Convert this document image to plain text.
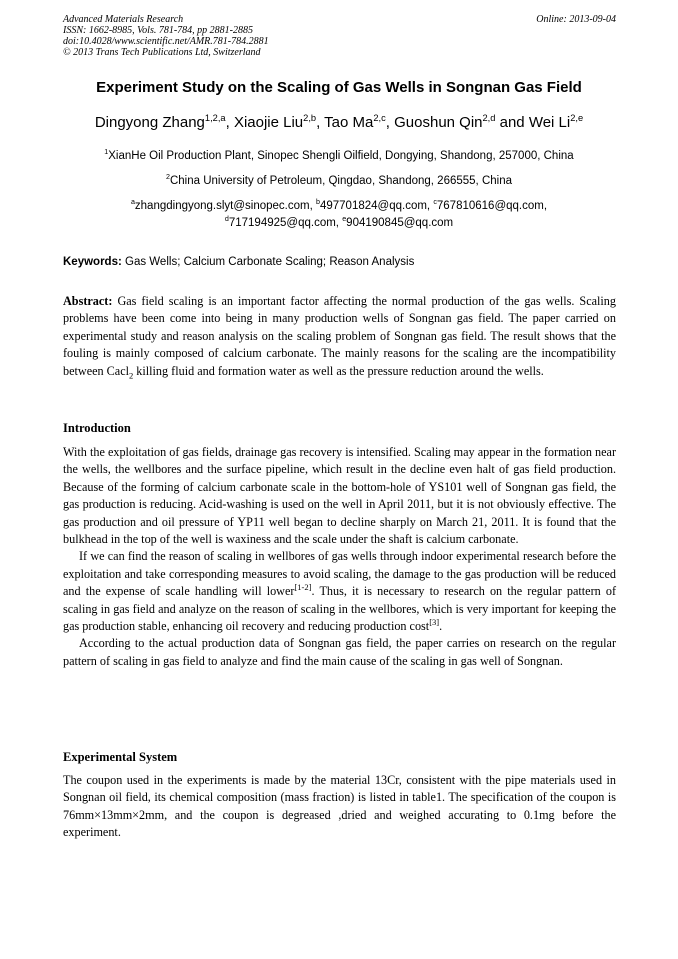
Advanced Materials Research
ISSN: 1662-8985, Vols. 781-784, pp 2881-2885
doi:10.4028/www.scientific.net/AMR.781-784.2881
© 2013 Trans Tech Publications Ltd, Switzerland
Online: 2013-09-04
Experiment Study on the Scaling of Gas Wells in Songnan Gas Field
Dingyong Zhang$^{1,2,a}$, Xiaojie Liu$^{2,b}$, Tao Ma$^{2,c}$, Guoshun Qin$^{2,d}$ and Wei Li$^{2,e}$
$^1$XianHe Oil Production Plant, Sinopec Shengli Oilfield, Dongying, Shandong, 257000, China
$^2$China University of Petroleum, Qingdao, Shandong, 266555, China
$^a$zhangdingyong.slyt@sinopec.com, $^b$497701824@qq.com, $^c$767810616@qq.com,
$^d$717194925@qq.com, $^e$904190845@qq.com
Keywords: Gas Wells; Calcium Carbonate Scaling; Reason Analysis

Abstract: Gas field scaling is an important factor affecting the normal production of the gas wells. Scaling problems have been come into being in many production wells of Songnan gas field. The paper carried on experimental study and reason analysis on the scaling problem of Songnan gas field. The result shows that the fouling is mainly composed of calcium carbonate. The mainly reasons for the scaling are the incompatibility between Cacl$_2$ killing fluid and formation water as well as the pressure reduction around the wells.

Introduction

With the exploitation of gas fields, drainage gas recovery is intensified. Scaling may appear in the formation near the wells, the wellbores and the surface pipeline, which result in the decline even halt of gas field production. Because of the forming of calcium carbonate scale in the bottom-hole of YS101 well of Songnan gas field, the gas production is reducing. Acid-washing is used on the well in April 2011, but it is not obviously effective. The gas production and oil pressure of YP11 well began to decline sharply on March 21, 2011. It is found that the bulkhead in the top of the well is waxiness and the scale under the shaft is calcium carbonate.

If we can find the reason of scaling in wellbores of gas wells through indoor experimental research before the exploitation and take corresponding measures to avoid scaling, the damage to the gas production will be reduced and the expense of scale handling will lower[1-2]. Thus, it is necessary to research on the regular pattern of scaling in gas field and analyze on the reason of scaling in the wellbores, which is very important for keeping the gas production stable, enhancing oil recovery and reducing production cost[3].

According to the actual production data of Songnan gas field, the paper carries on research on the regular pattern of scaling in gas field to analyze and find the main cause of the scaling in gas well of Songnan.

Experimental System

The coupon used in the experiments is made by the material 13Cr, consistent with the pipe materials used in Songnan oil field, its chemical composition (mass fraction) is listed in table1. The specification of the coupon is 76mm×13mm×2mm, and the coupon is degreased ,dried and weighed accurating to 0.1mg before the experiment.
